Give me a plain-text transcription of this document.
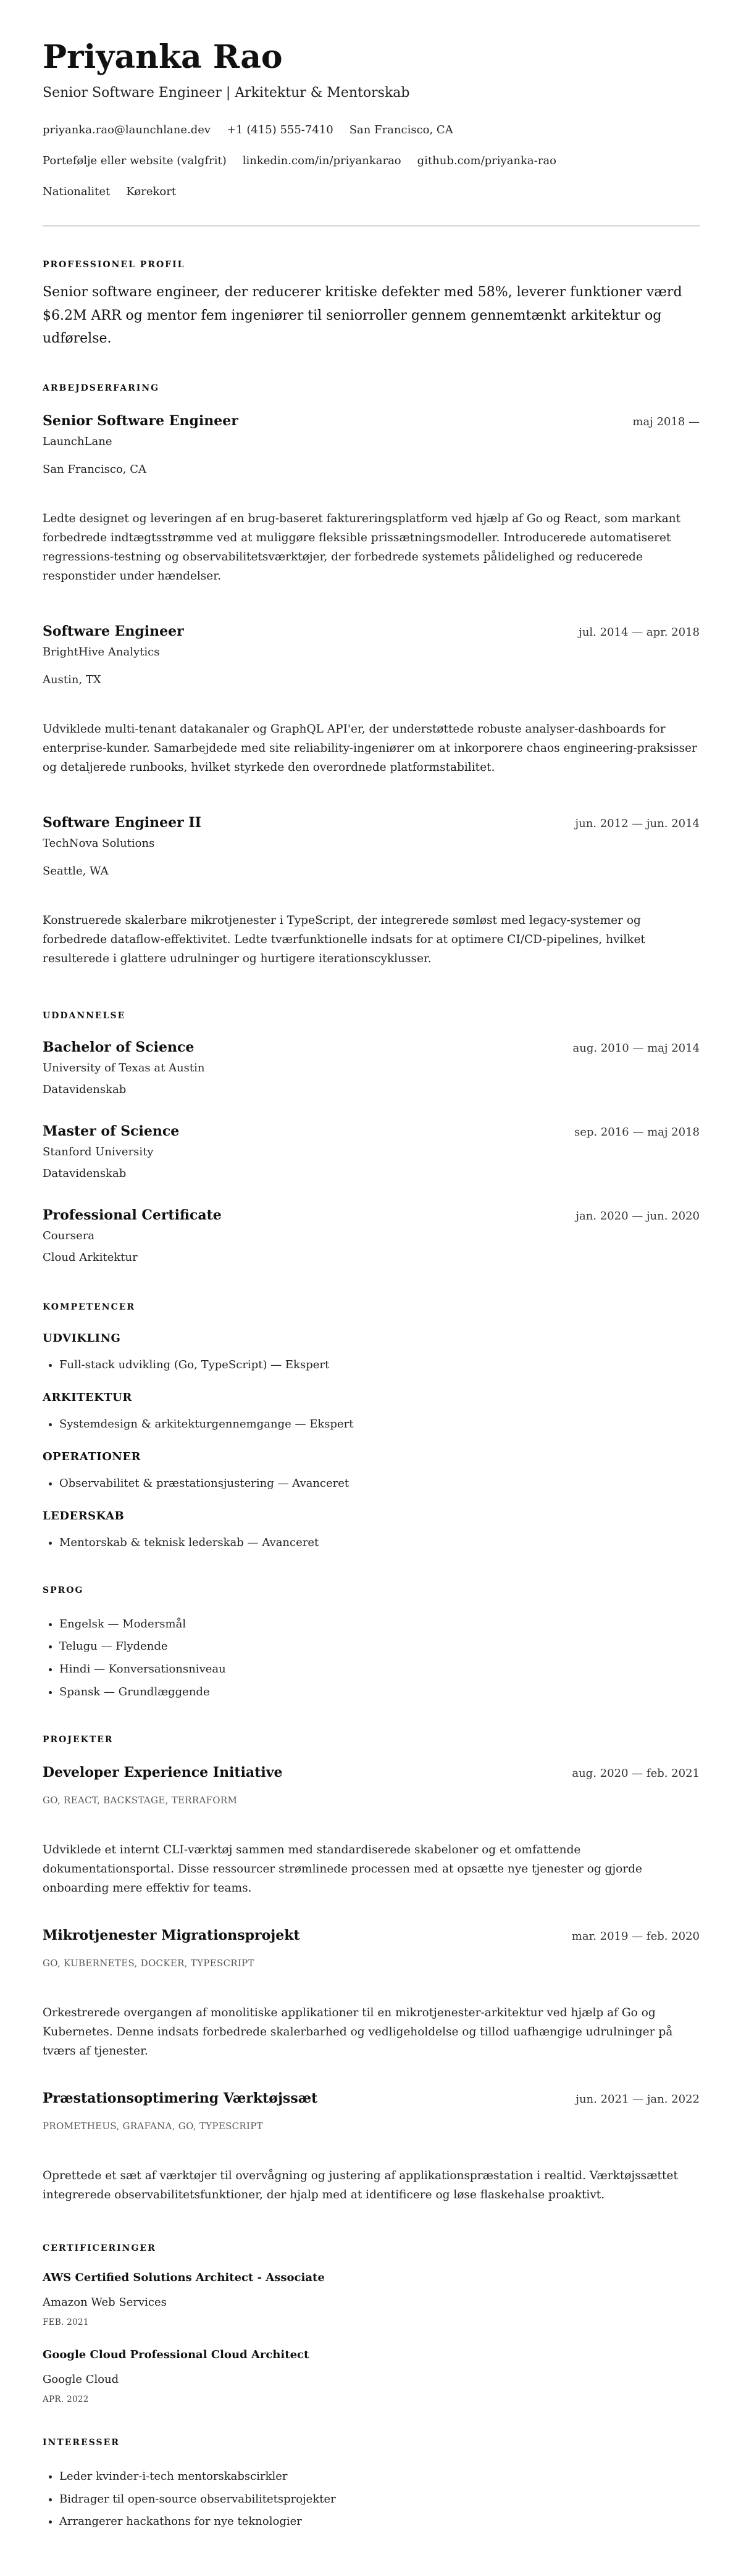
Priyanka Rao
Senior Software Engineer | Arkitektur & Mentorskab
priyanka.rao@launchlane.dev +1 (415) 555-7410 San Francisco, CA
Portefølje eller website (valgfrit) linkedin.com/in/priyankarao github.com/priyanka-rao
Nationalitet Kørekort
PROFESSIONEL PROFIL

Senior software engineer, der reducerer kritiske defekter med 58%, leverer funktioner værd $6.2M ARR og mentor fem ingeniører til seniorroller gennem gennemtænkt arkitektur og udførelse.

ARBEJDSERFARING
Senior Software Engineer	maj 2018 —
LaunchLane
San Francisco, CA
Ledte designet og leveringen af en brug-baseret faktureringsplatform ved hjælp af Go og React, som markant forbedrede indtægtsstrømme ved at muliggøre fleksible prissætningsmodeller. Introducerede automatiseret regressions-testning og observabilitetsværktøjer, der forbedrede systemets pålidelighed og reducerede responstider under hændelser.
Software Engineer	jul. 2014 — apr. 2018
BrightHive Analytics
Austin, TX
Udviklede multi-tenant datakanaler og GraphQL API'er, der understøttede robuste analyser-dashboards for enterprise-kunder. Samarbejdede med site reliability-ingeniører om at inkorporere chaos engineering-praksisser og detaljerede runbooks, hvilket styrkede den overordnede platformstabilitet.
Software Engineer II	jun. 2012 — jun. 2014
TechNova Solutions
Seattle, WA
Konstruerede skalerbare mikrotjenester i TypeScript, der integrerede sømløst med legacy-systemer og forbedrede dataflow-effektivitet. Ledte tværfunktionelle indsats for at optimere CI/CD-pipelines, hvilket resulterede i glattere udrulninger og hurtigere iterationscyklusser.
UDDANNELSE
Bachelor of Science	aug. 2010 — maj 2014
University of Texas at Austin
Datavidenskab
Master of Science	sep. 2016 — maj 2018
Stanford University
Datavidenskab
Professional Certificate	jan. 2020 — jun. 2020
Coursera
Cloud Arkitektur
KOMPETENCER
UDVIKLING
• Full-stack udvikling (Go, TypeScript) — Ekspert
ARKITEKTUR
• Systemdesign & arkitekturgennemgange — Ekspert
OPERATIONER
• Observabilitet & præstationsjustering — Avanceret
LEDERSKAB
• Mentorskab & teknisk lederskab — Avanceret
SPROG
• Engelsk — Modersmål
• Telugu — Flydende
• Hindi — Konversationsniveau
• Spansk — Grundlæggende
PROJEKTER
Developer Experience Initiative	aug. 2020 — feb. 2021
GO, REACT, BACKSTAGE, TERRAFORM
Udviklede et internt CLI-værktøj sammen med standardiserede skabeloner og et omfattende dokumentationsportal. Disse ressourcer strømlinede processen med at opsætte nye tjenester og gjorde onboarding mere effektiv for teams.
Mikrotjenester Migrationsprojekt	mar. 2019 — feb. 2020
GO, KUBERNETES, DOCKER, TYPESCRIPT
Orkestrerede overgangen af monolitiske applikationer til en mikrotjenester-arkitektur ved hjælp af Go og Kubernetes. Denne indsats forbedrede skalerbarhed og vedligeholdelse og tillod uafhængige udrulninger på tværs af tjenester.
Præstationsoptimering Værktøjssæt	jun. 2021 — jan. 2022
PROMETHEUS, GRAFANA, GO, TYPESCRIPT
Oprettede et sæt af værktøjer til overvågning og justering af applikationspræstation i realtid. Værktøjssættet integrerede observabilitetsfunktioner, der hjalp med at identificere og løse flaskehalse proaktivt.
CERTIFICERINGER
AWS Certified Solutions Architect - Associate
Amazon Web Services
FEB. 2021
Google Cloud Professional Cloud Architect
Google Cloud
APR. 2022
INTERESSER
• Leder kvinder-i-tech mentorskabscirkler
• Bidrager til open-source observabilitetsprojekter
• Arrangerer hackathons for nye teknologier
